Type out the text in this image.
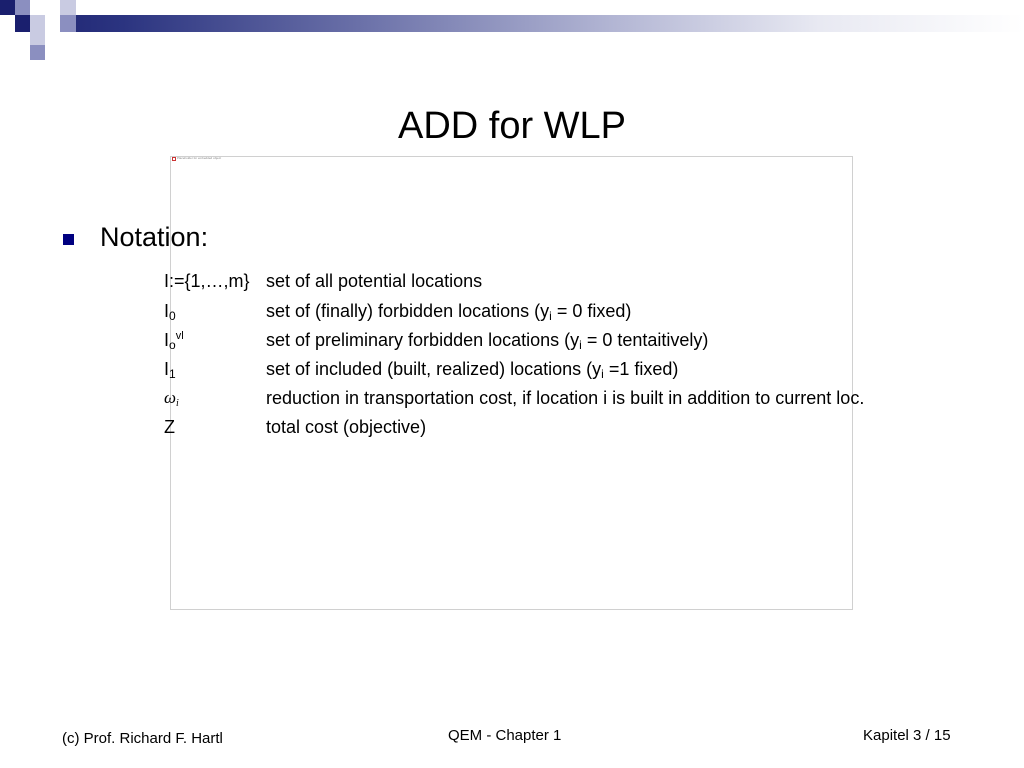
ADD for WLP
Placeholder for embedded object
Notation:
I:={1,…,m} set of all potential locations
$I_0$	set of (finally) forbidden locations ($y_i = 0$ fixed)
$I_o^{vl}$	set of preliminary forbidden locations ($y_i = 0$ tentaitively)
$I_1$	set of included (built, realized) locations ($y_i =1$ fixed)
$\omega_i$	reduction in transportation cost, if location i is built in addition to current loc.
Z	total cost (objective)
(c) Prof. Richard F. Hartl	QEM - Chapter 1	Kapitel 3 / 15
